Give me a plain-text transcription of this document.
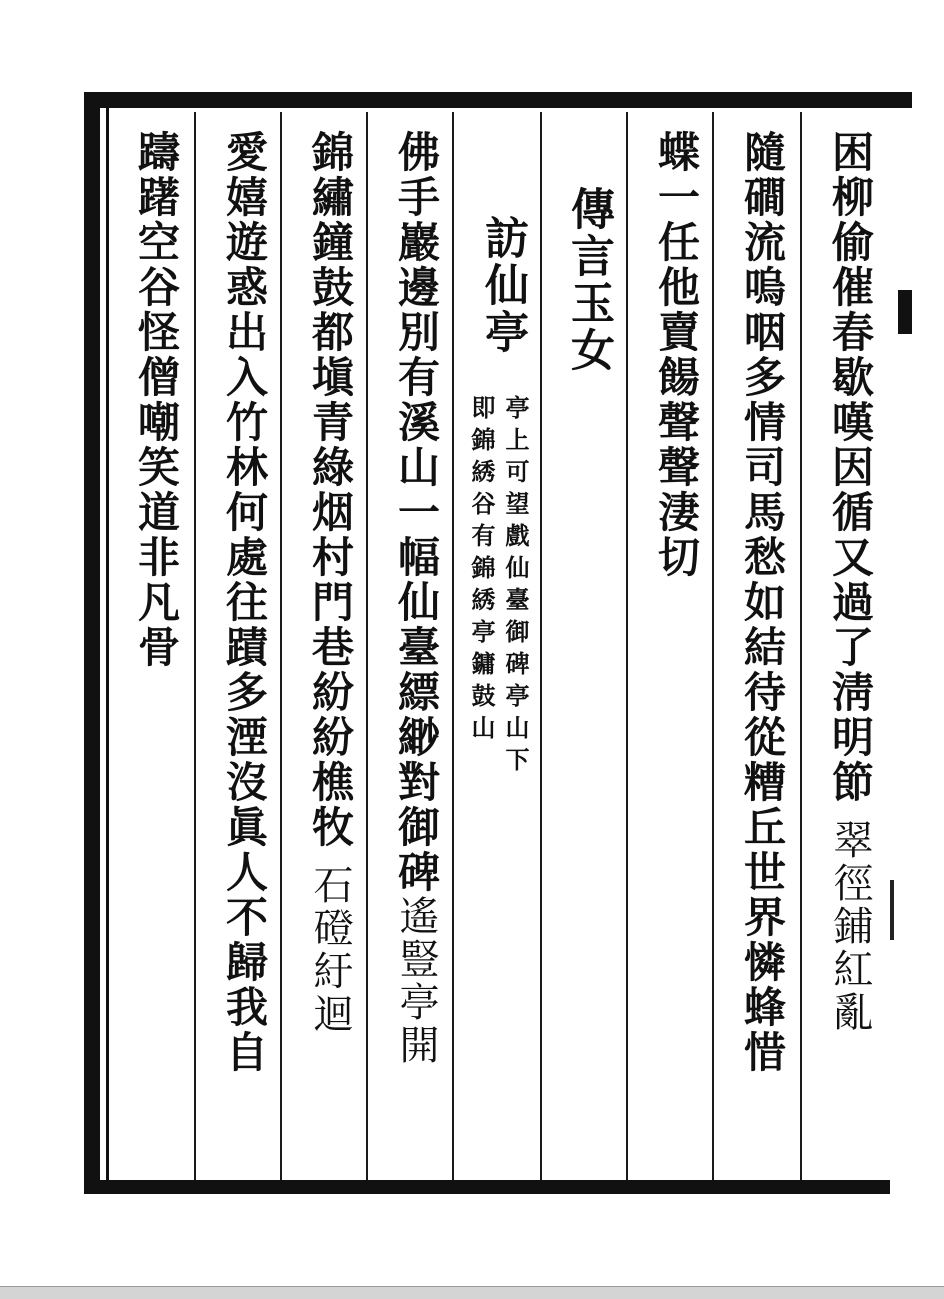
困柳偷催春歇嘆因循又過了淸明節翠徑鋪紅亂
隨磵流嗚咽多情司馬愁如結待從糟丘世界憐蜂惜
蝶一任他賣餳聲聲淒切
傳言玉女
訪仙亭
亭上可望戲仙臺御碑亭山下
即錦綉谷有錦綉亭鏞鼓山
佛手巖邊別有溪山一幅仙臺縹緲對御碑遙豎亭開
錦繡鐘鼓都塡青綠烟村門巷紛紛樵牧石磴紆迴
愛嬉遊惑出入竹林何處往蹟多湮沒眞人不歸我自
躊躇空谷怪僧嘲笑道非凡骨
